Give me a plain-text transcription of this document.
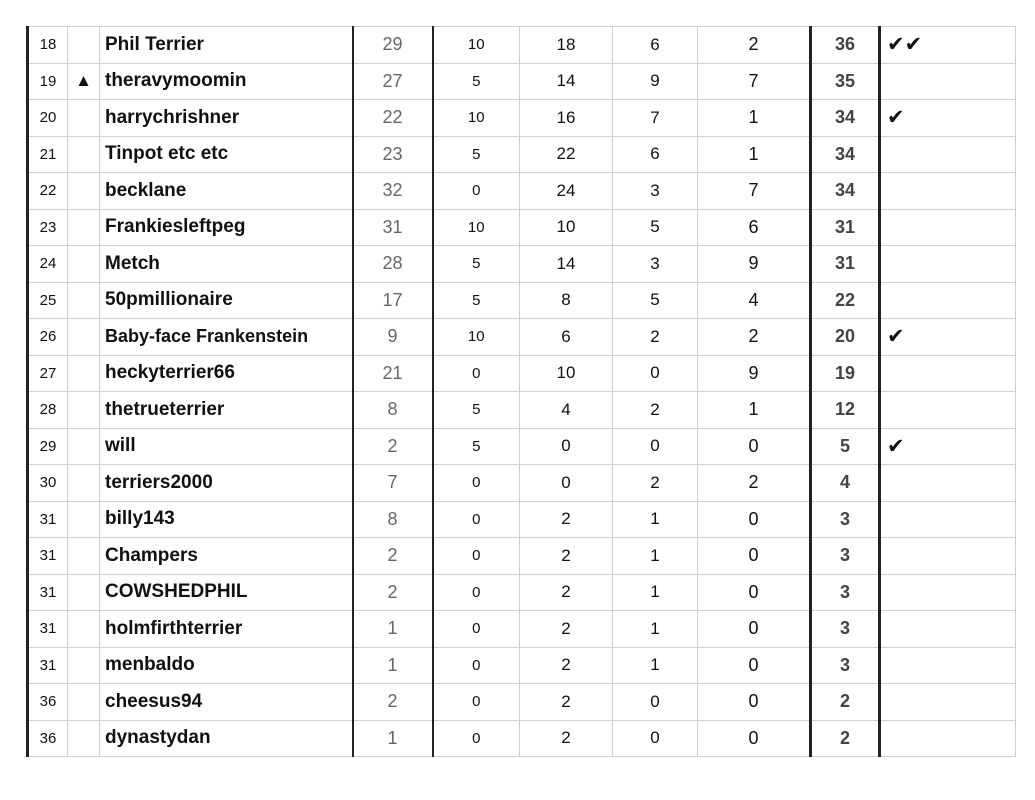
18		Phil Terrier	29	10	18	6	2	36	✔✔
19	▲	theravymoomin	27	5	14	9	7	35	
20		harrychrishner	22	10	16	7	1	34	✔
21		Tinpot etc etc	23	5	22	6	1	34	
22		becklane	32	0	24	3	7	34	
23		Frankiesleftpeg	31	10	10	5	6	31	
24		Metch	28	5	14	3	9	31	
25		50pmillionaire	17	5	8	5	4	22	
26		Baby-face Frankenstein	9	10	6	2	2	20	✔
27		heckyterrier66	21	0	10	0	9	19	
28		thetrueterrier	8	5	4	2	1	12	
29		will	2	5	0	0	0	5	✔
30		terriers2000	7	0	0	2	2	4	
31		billy143	8	0	2	1	0	3	
31		Champers	2	0	2	1	0	3	
31		COWSHEDPHIL	2	0	2	1	0	3	
31		holmfirthterrier	1	0	2	1	0	3	
31		menbaldo	1	0	2	1	0	3	
36		cheesus94	2	0	2	0	0	2	
36		dynastydan	1	0	2	0	0	2	
